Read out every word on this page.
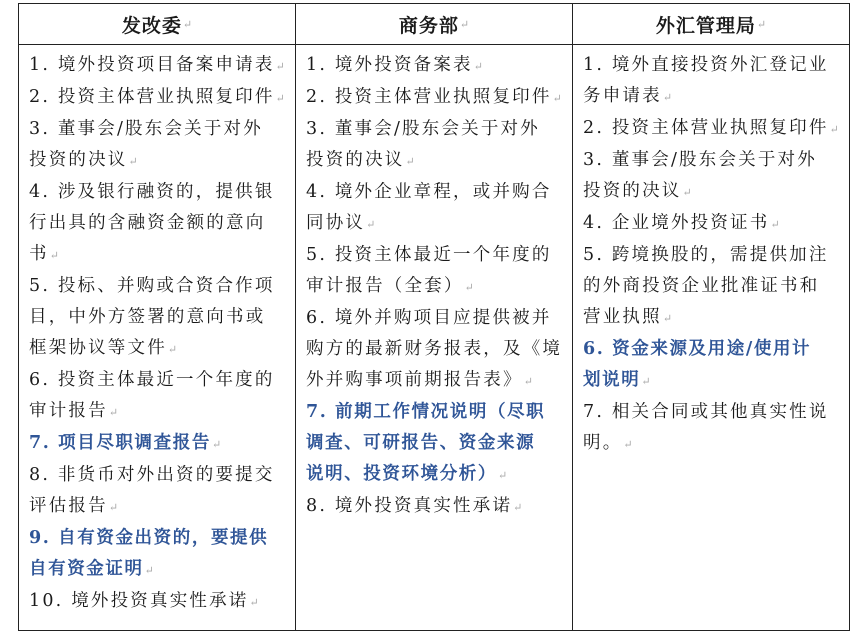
发改委 ↵	商务部 ↵	外汇管理局 ↵

1. 境外投资项目备案申请表↵

2. 投资主体营业执照复印件↵

3. 董事会/股东会关于对外

投资的决议↵

4. 涉及银行融资的，提供银

行出具的含融资金额的意向

书↵

5. 投标、并购或合资合作项

目，中外方签署的意向书或

框架协议等文件↵

6. 投资主体最近一个年度的

审计报告↵

7. 项目尽职调查报告↵

8. 非货币对外出资的要提交

评估报告↵

9. 自有资金出资的，要提供

自有资金证明↵

10. 境外投资真实性承诺↵

1. 境外投资备案表↵

2. 投资主体营业执照复印件↵

3. 董事会/股东会关于对外

投资的决议↵

4. 境外企业章程，或并购合

同协议↵

5. 投资主体最近一个年度的

审计报告（全套）↵

6. 境外并购项目应提供被并

购方的最新财务报表，及《境

外并购事项前期报告表》↵

7. 前期工作情况说明（尽职

调查、可研报告、资金来源

说明、投资环境分析）↵

8. 境外投资真实性承诺↵

1. 境外直接投资外汇登记业

务申请表↵

2. 投资主体营业执照复印件↵

3. 董事会/股东会关于对外

投资的决议↵

4. 企业境外投资证书↵

5. 跨境换股的，需提供加注

的外商投资企业批准证书和

营业执照↵

6. 资金来源及用途/使用计

划说明↵

7. 相关合同或其他真实性说

明。↵
